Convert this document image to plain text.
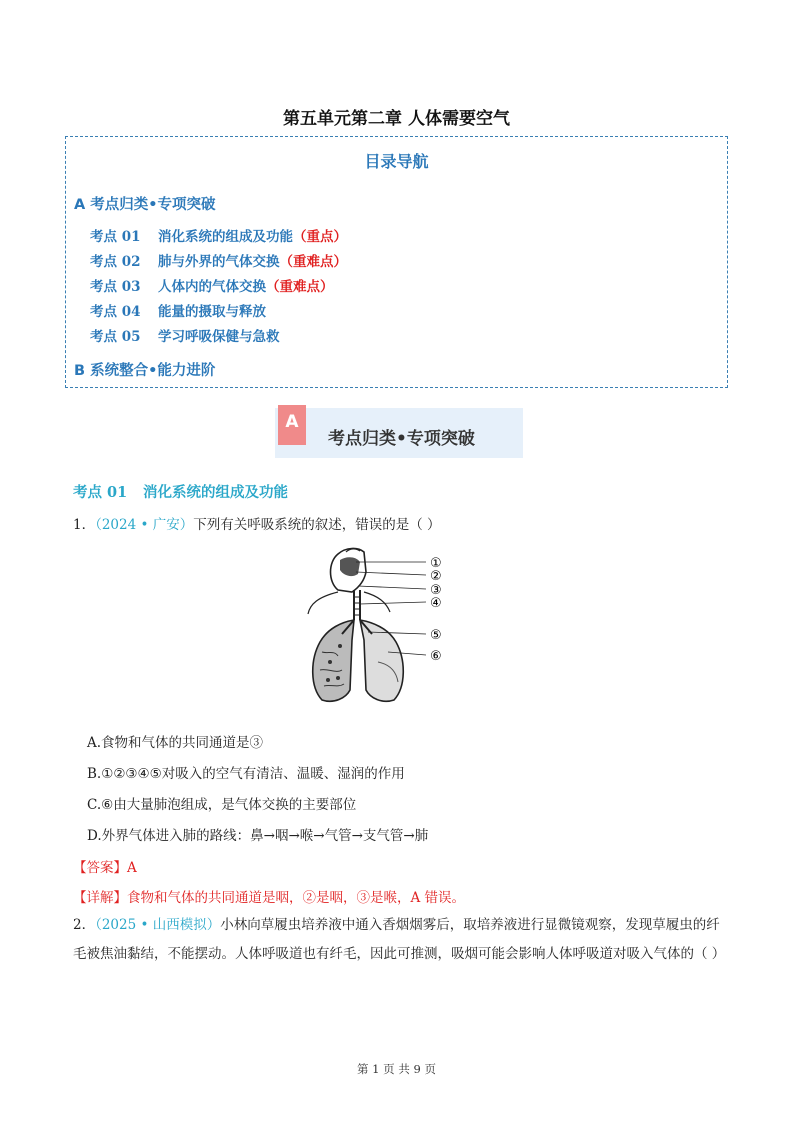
第五单元第二章 人体需要空气
目录导航
A 考点归类•专项突破
考点 01 消化系统的组成及功能（重点）
考点 02 肺与外界的气体交换（重难点）
考点 03 人体内的气体交换（重难点）
考点 04 能量的摄取与释放
考点 05 学习呼吸保健与急救
B 系统整合•能力进阶
A
考点归类•专项突破
考点 01 消化系统的组成及功能
1．（2024 • 广安）下列有关呼吸系统的叙述，错误的是（ ）
①
②
③
④
⑤
⑥
A.食物和气体的共同通道是③
B.①②③④⑤对吸入的空气有清洁、温暖、湿润的作用
C.⑥由大量肺泡组成，是气体交换的主要部位
D.外界气体进入肺的路线：鼻→咽→喉→气管→支气管→肺
【答案】A
【详解】食物和气体的共同通道是咽，②是咽，③是喉，A 错误。
2．（2025 • 山西模拟）小林向草履虫培养液中通入香烟烟雾后，取培养液进行显微镜观察，发现草履虫的纤毛被焦油黏结，不能摆动。人体呼吸道也有纤毛，因此可推测，吸烟可能会影响人体呼吸道对吸入气体的（ ）
第 1 页 共 9 页
